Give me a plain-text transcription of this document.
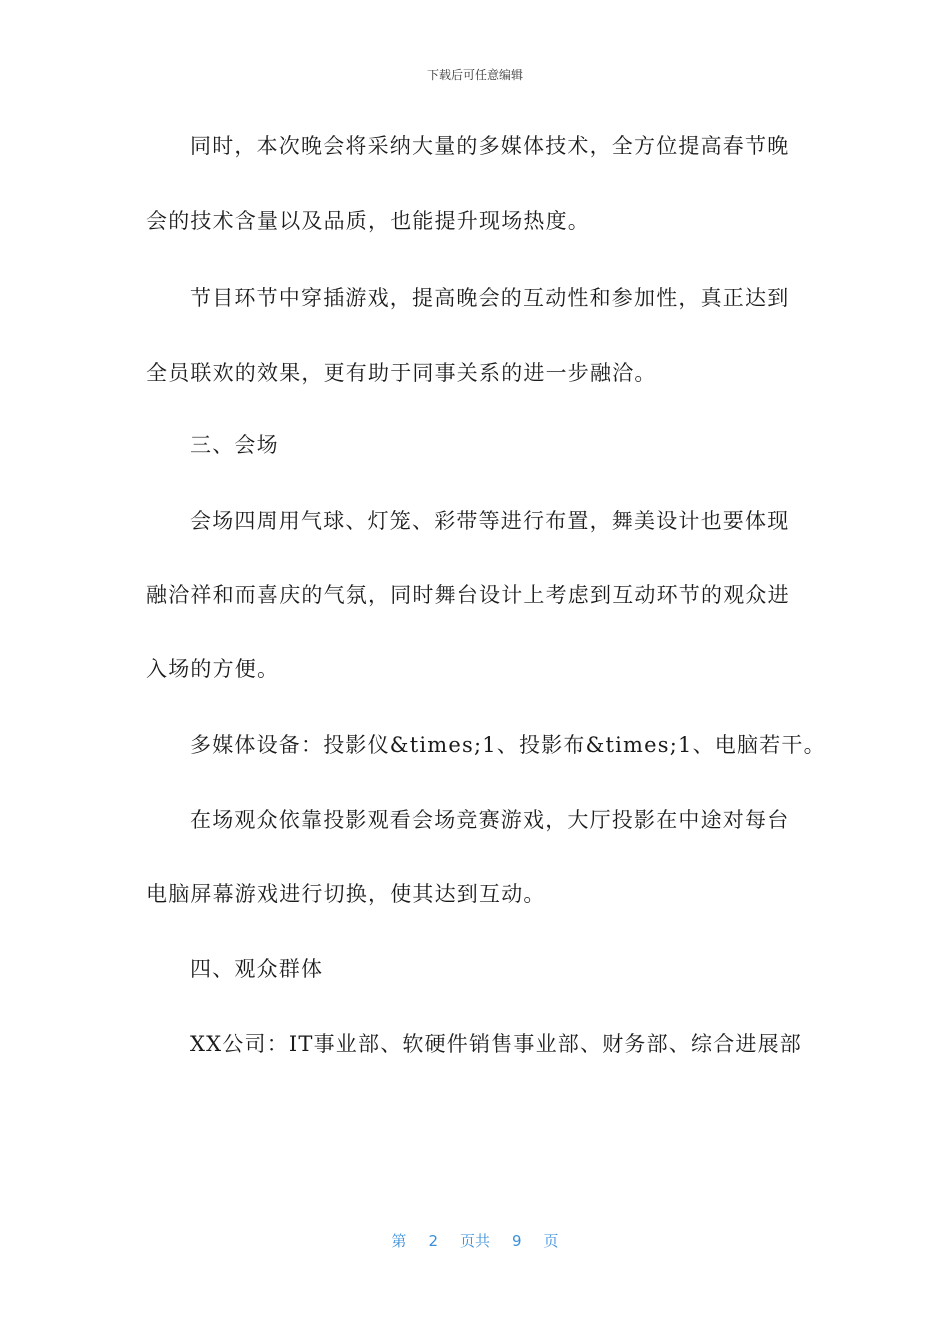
下载后可任意编辑
同时，本次晚会将采纳大量的多媒体技术，全方位提高春节晚
会的技术含量以及品质，也能提升现场热度。
节目环节中穿插游戏，提高晚会的互动性和参加性，真正达到
全员联欢的效果，更有助于同事关系的进一步融洽。
三、会场
会场四周用气球、灯笼、彩带等进行布置，舞美设计也要体现
融洽祥和而喜庆的气氛，同时舞台设计上考虑到互动环节的观众进
入场的方便。
多媒体设备：投影仪&times;1、投影布&times;1、电脑若干。
在场观众依靠投影观看会场竞赛游戏，大厅投影在中途对每台
电脑屏幕游戏进行切换，使其达到互动。
四、观众群体
XX公司：IT事业部、软硬件销售事业部、财务部、综合进展部
第 2 页共 9 页
